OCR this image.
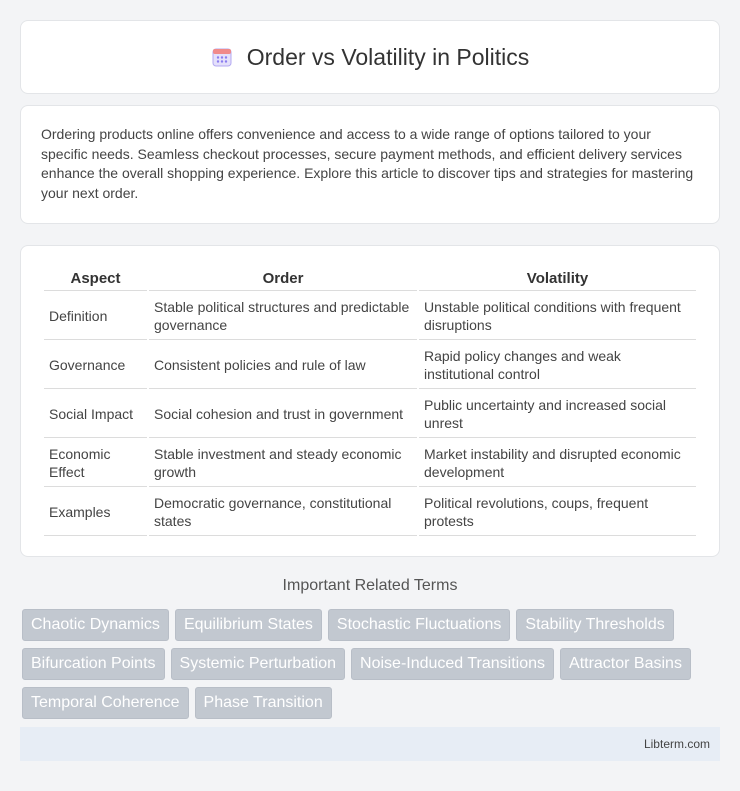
Order vs Volatility in Politics

Ordering products online offers convenience and access to a wide range of options tailored to your specific needs. Seamless checkout processes, secure payment methods, and efficient delivery services enhance the overall shopping experience. Explore this article to discover tips and strategies for mastering your next order.

Aspect	Order	Volatility
Definition	Stable political structures and predictable governance	Unstable political conditions with frequent disruptions
Governance	Consistent policies and rule of law	Rapid policy changes and weak institutional control
Social Impact	Social cohesion and trust in government	Public uncertainty and increased social unrest
Economic Effect	Stable investment and steady economic growth	Market instability and disrupted economic development
Examples	Democratic governance, constitutional states	Political revolutions, coups, frequent protests
Important Related Terms
Chaotic Dynamics	Equilibrium States	Stochastic Fluctuations	Stability Thresholds
Bifurcation Points	Systemic Perturbation	Noise-Induced Transitions	Attractor Basins
Temporal Coherence	Phase Transition
Libterm.com
